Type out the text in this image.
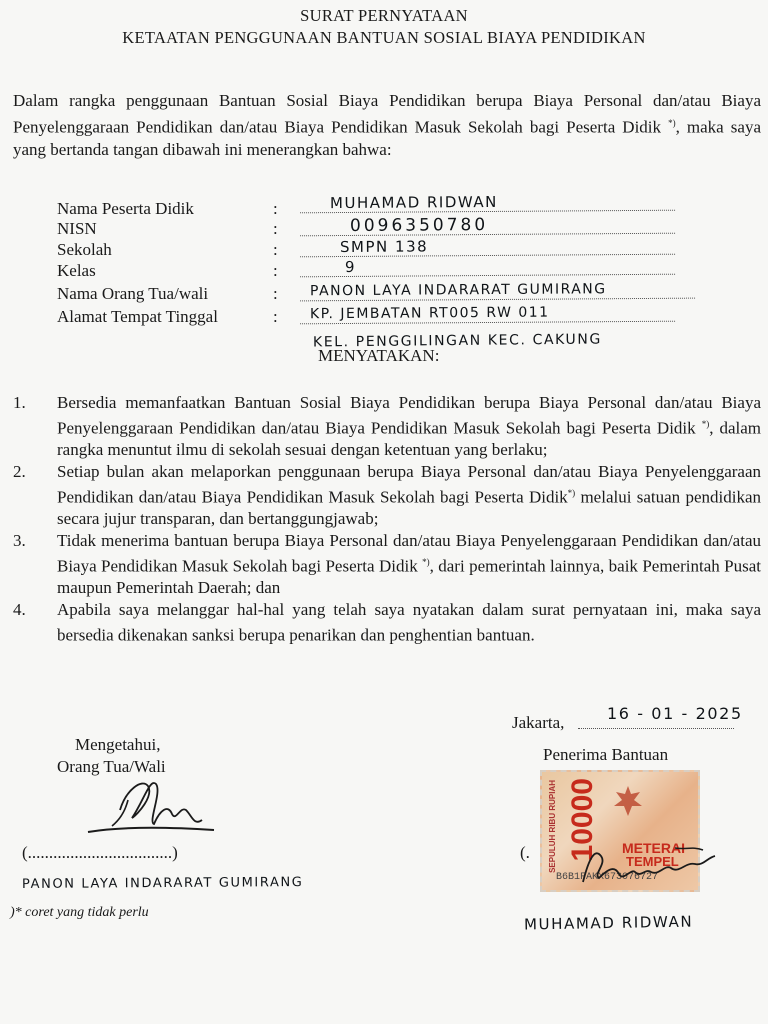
SURAT PERNYATAAN
KETAATAN PENGGUNAAN BANTUAN SOSIAL BIAYA PENDIDIKAN
Dalam rangka penggunaan Bantuan Sosial Biaya Pendidikan berupa Biaya Personal dan/atau Biaya Penyelenggaraan Pendidikan dan/atau Biaya Pendidikan Masuk Sekolah bagi Peserta Didik *), maka saya yang bertanda tangan dibawah ini menerangkan bahwa:
Nama Peserta Didik	:	MUHAMAD RIDWAN
NISN	:	0096350780
Sekolah	:	SMPN 138
Kelas	:	9
Nama Orang Tua/wali	:	PANON LAYA INDARARAT GUMIRANG
Alamat Tempat Tinggal	:	KP. JEMBATAN RT005 RW 011
KEL. PENGGILINGAN KEC. CAKUNG
MENYATAKAN:
1. Bersedia memanfaatkan Bantuan Sosial Biaya Pendidikan berupa Biaya Personal dan/atau Biaya Penyelenggaraan Pendidikan dan/atau Biaya Pendidikan Masuk Sekolah bagi Peserta Didik *), dalam rangka menuntut ilmu di sekolah sesuai dengan ketentuan yang berlaku;
2. Setiap bulan akan melaporkan penggunaan berupa Biaya Personal dan/atau Biaya Penyelenggaraan Pendidikan dan/atau Biaya Pendidikan Masuk Sekolah bagi Peserta Didik*) melalui satuan pendidikan secara jujur transparan, dan bertanggungjawab;
3. Tidak menerima bantuan berupa Biaya Personal dan/atau Biaya Penyelenggaraan Pendidikan dan/atau Biaya Pendidikan Masuk Sekolah bagi Peserta Didik *), dari pemerintah lainnya, baik Pemerintah Pusat maupun Pemerintah Daerah; dan
4. Apabila saya melanggar hal-hal yang telah saya nyatakan dalam surat pernyataan ini, maka saya bersedia dikenakan sanksi berupa penarikan dan penghentian bantuan.
Jakarta,	16 - 01 - 2025
Mengetahui,
Orang Tua/Wali
(..................................)
PANON LAYA INDARARAT GUMIRANG
)* coret yang tidak perlu
Penerima Bantuan
(. SEPULUH RIBU RUPIAH 10000 METERAI
TEMPEL
B6B1FAKX673076727
MUHAMAD RIDWAN
